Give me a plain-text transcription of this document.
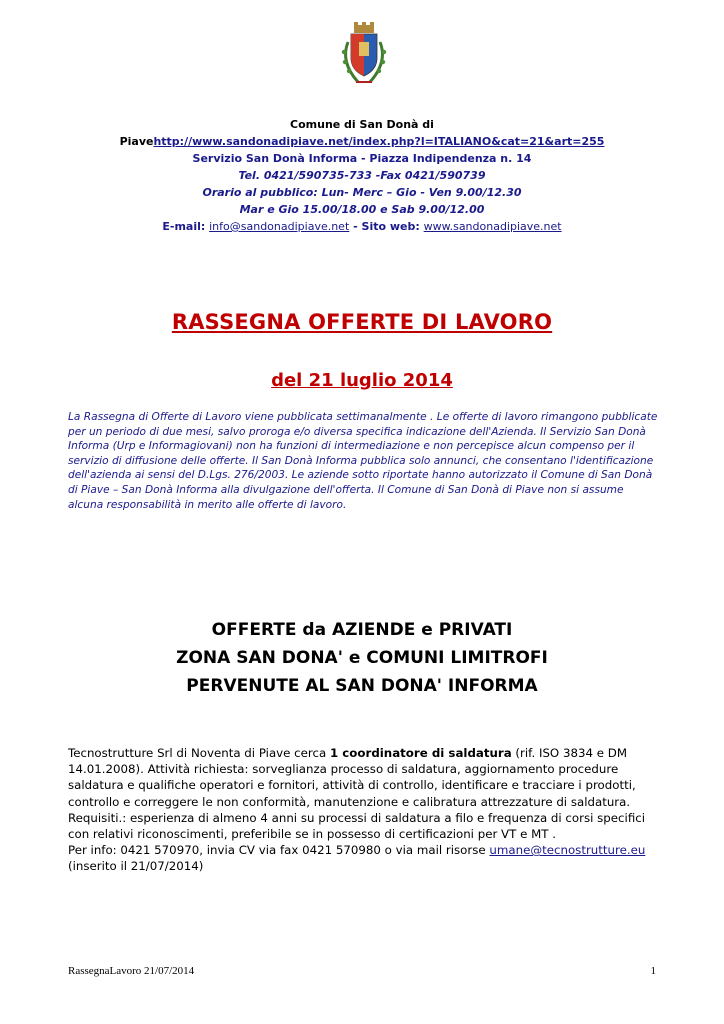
Comune di San Donà di
Piavehttp://www.sandonadipiave.net/index.php?l=ITALIANO&cat=21&art=255
Servizio San Donà Informa - Piazza Indipendenza n. 14
Tel. 0421/590735-733 -Fax 0421/590739
Orario al pubblico: Lun- Merc – Gio - Ven 9.00/12.30
Mar e Gio 15.00/18.00 e Sab 9.00/12.00
E-mail: info@sandonadipiave.net - Sito web: www.sandonadipiave.net
RASSEGNA OFFERTE DI LAVORO
del 21 luglio 2014
La Rassegna di Offerte di Lavoro viene pubblicata settimanalmente . Le offerte di lavoro rimangono pubblicate per un periodo di due mesi, salvo proroga e/o diversa specifica indicazione dell'Azienda. Il Servizio San Donà Informa (Urp e Informagiovani) non ha funzioni di intermediazione e non percepisce alcun compenso per il servizio di diffusione delle offerte. Il San Donà Informa pubblica solo annunci, che consentano l'identificazione dell'azienda ai sensi del D.Lgs. 276/2003. Le aziende sotto riportate hanno autorizzato il Comune di San Donà di Piave – San Donà Informa alla divulgazione dell'offerta. Il Comune di San Donà di Piave non si assume alcuna responsabilità in merito alle offerte di lavoro.
OFFERTE da AZIENDE e PRIVATI
ZONA SAN DONA' e COMUNI LIMITROFI
PERVENUTE AL SAN DONA' INFORMA
Tecnostrutture Srl di Noventa di Piave cerca 1 coordinatore di saldatura (rif. ISO 3834 e DM 14.01.2008). Attività richiesta: sorveglianza processo di saldatura, aggiornamento procedure saldatura e qualifiche operatori e fornitori, attività di controllo, identificare e tracciare i prodotti, controllo e correggere le non conformità, manutenzione e calibratura attrezzature di saldatura.
Requisiti.: esperienza di almeno 4 anni su processi di saldatura a filo e frequenza di corsi specifici con relativi riconoscimenti, preferibile se in possesso di certificazioni per VT e MT .
Per info: 0421 570970, invia CV via fax 0421 570980 o via mail risorse umane@tecnostrutture.eu
(inserito il 21/07/2014)
RassegnaLavoro 21/07/2014	1
